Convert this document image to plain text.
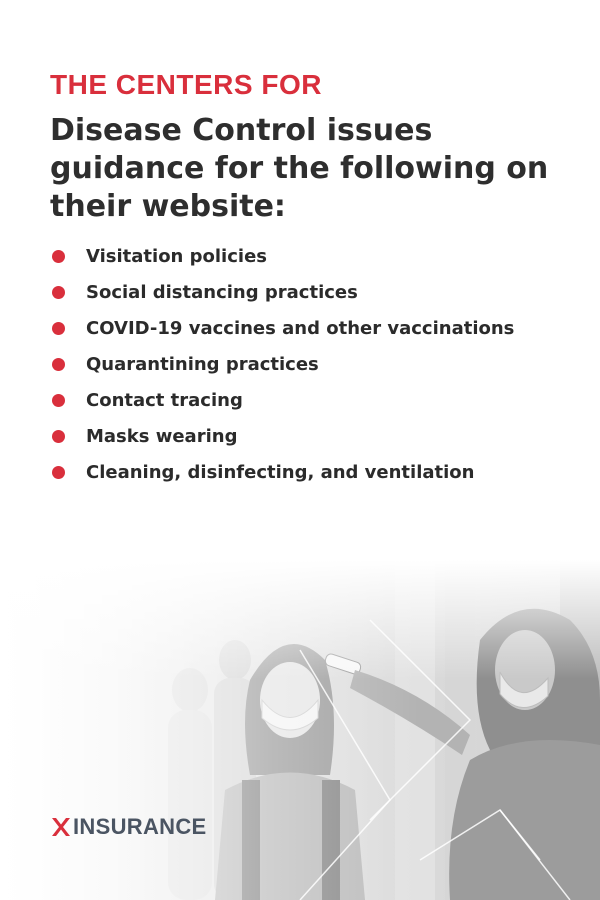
THE CENTERS FOR
Disease Control issues guidance for the following on their website:
Visitation policies
Social distancing practices
COVID-19 vaccines and other vaccinations
Quarantining practices
Contact tracing
Masks wearing
Cleaning, disinfecting, and ventilation
INSURANCE
